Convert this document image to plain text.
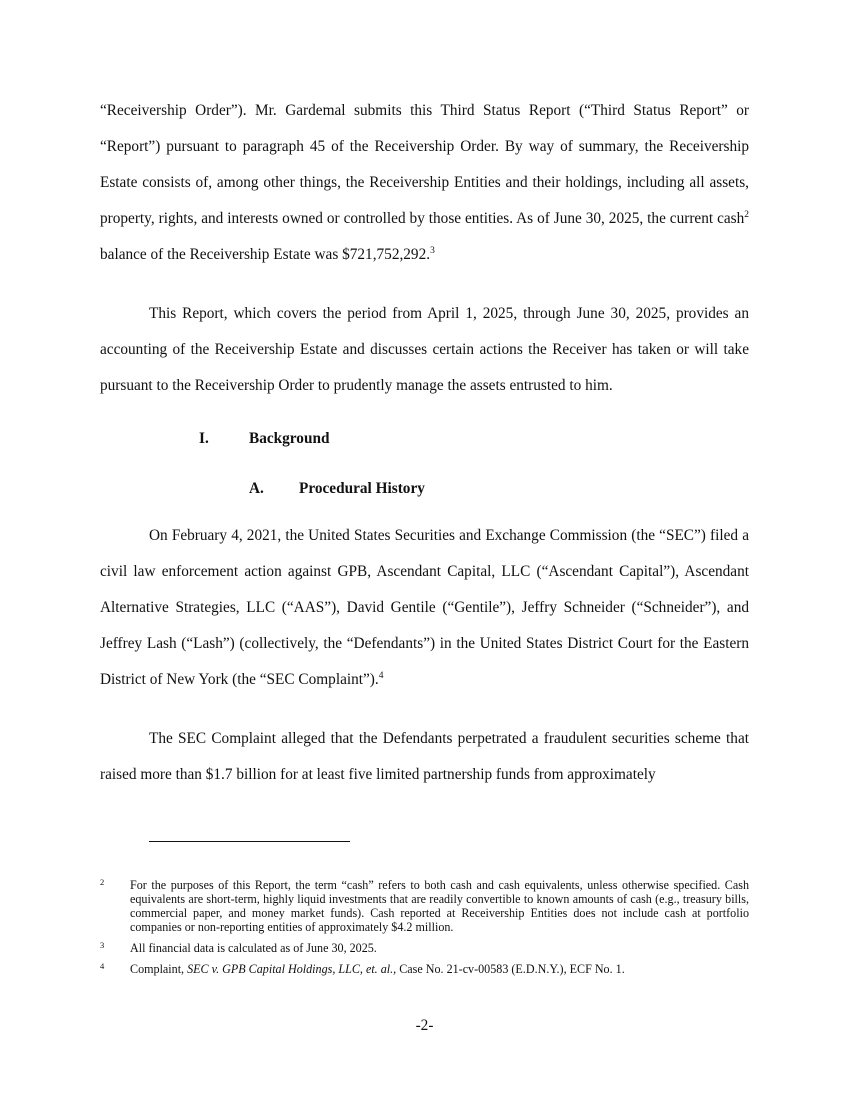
“Receivership Order”). Mr. Gardemal submits this Third Status Report (“Third Status Report” or “Report”) pursuant to paragraph 45 of the Receivership Order. By way of summary, the Receivership Estate consists of, among other things, the Receivership Entities and their holdings, including all assets, property, rights, and interests owned or controlled by those entities. As of June 30, 2025, the current cash$^2$ balance of the Receivership Estate was $721,752,292.$^3$

This Report, which covers the period from April 1, 2025, through June 30, 2025, provides an accounting of the Receivership Estate and discusses certain actions the Receiver has taken or will take pursuant to the Receivership Order to prudently manage the assets entrusted to him.

I.	Background
A. Procedural History

On February 4, 2021, the United States Securities and Exchange Commission (the “SEC”) filed a civil law enforcement action against GPB, Ascendant Capital, LLC (“Ascendant Capital”), Ascendant Alternative Strategies, LLC (“AAS”), David Gentile (“Gentile”), Jeffry Schneider (“Schneider”), and Jeffrey Lash (“Lash”) (collectively, the “Defendants”) in the United States District Court for the Eastern District of New York (the “SEC Complaint”).$^4$

The SEC Complaint alleged that the Defendants perpetrated a fraudulent securities scheme that raised more than $1.7 billion for at least five limited partnership funds from approximately

2 For the purposes of this Report, the term “cash” refers to both cash and cash equivalents, unless otherwise specified. Cash equivalents are short-term, highly liquid investments that are readily convertible to known amounts of cash (e.g., treasury bills, commercial paper, and money market funds). Cash reported at Receivership Entities does not include cash at portfolio companies or non-reporting entities of approximately $4.2 million.
3 All financial data is calculated as of June 30, 2025.
4 Complaint, SEC v. GPB Capital Holdings, LLC, et. al., Case No. 21-cv-00583 (E.D.N.Y.), ECF No. 1.
-2-
